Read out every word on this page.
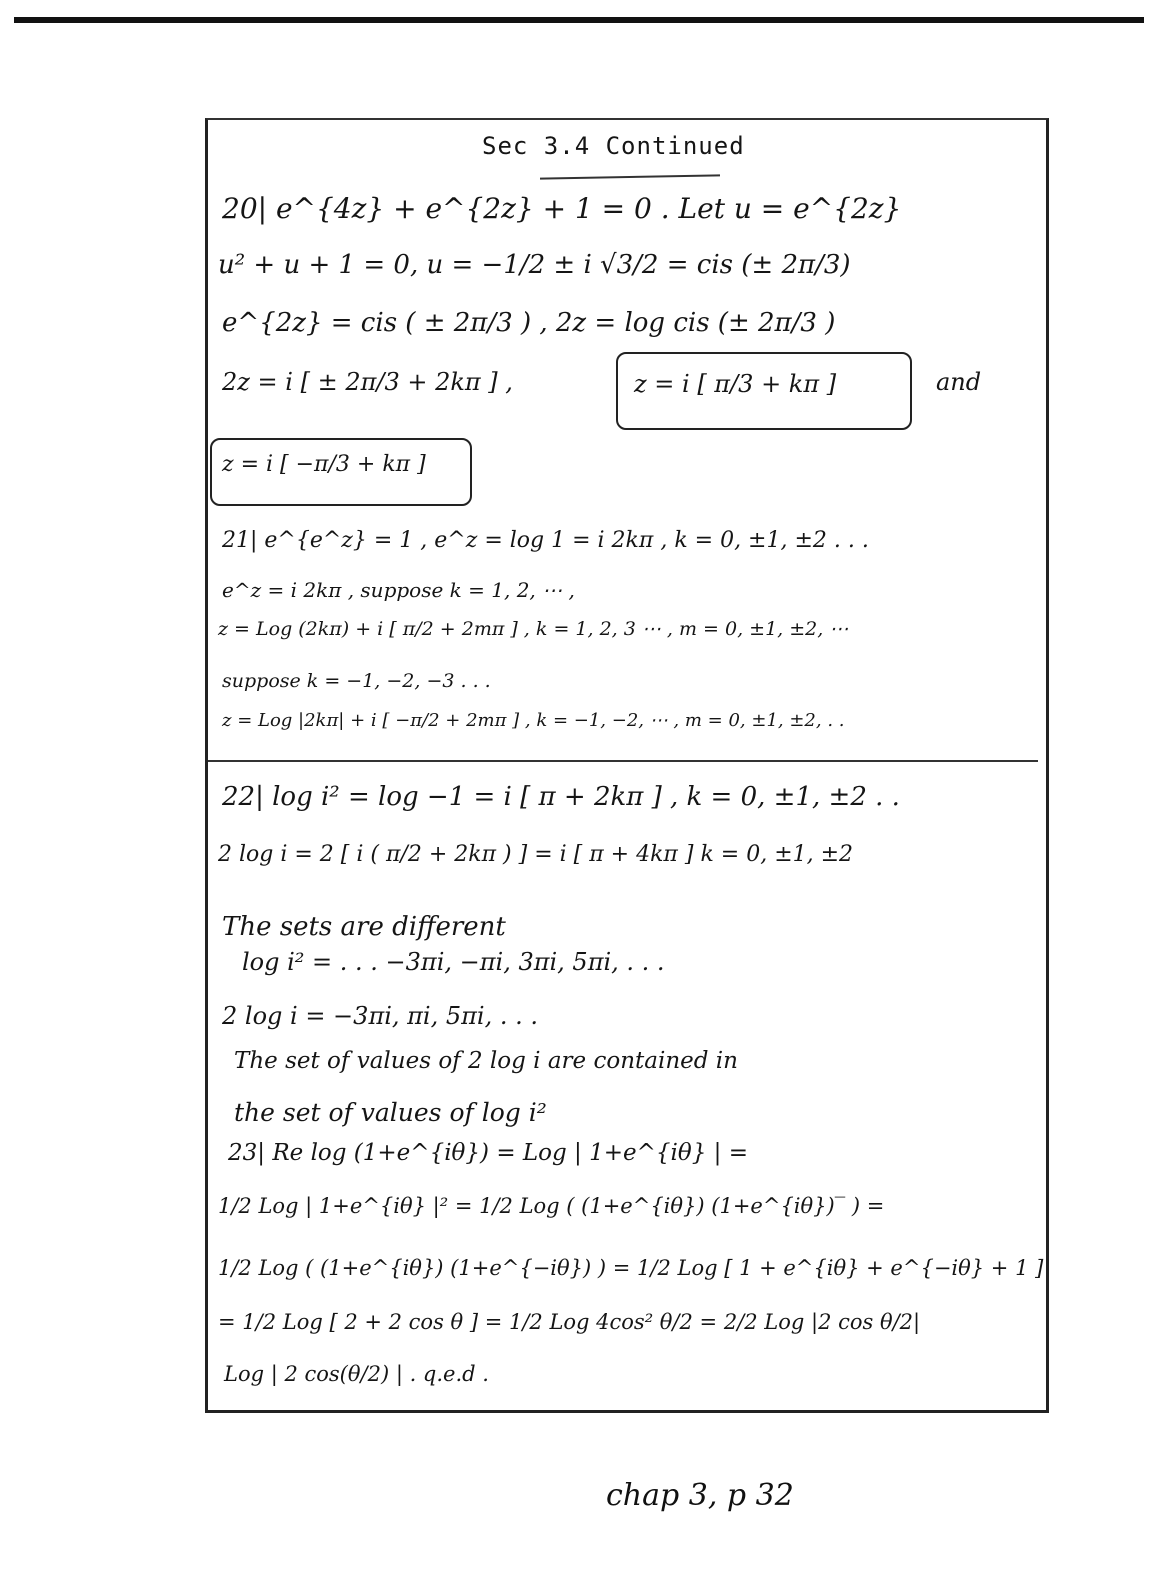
Sec 3.4 Continued
20| e^{4z} + e^{2z} + 1 = 0 . Let u = e^{2z}
u² + u + 1 = 0, u = −1/2 ± i √3/2 = cis (± 2π/3)
e^{2z} = cis ( ± 2π/3 ) , 2z = log cis (± 2π/3 )
2z = i [ ± 2π/3 + 2kπ ] ,	z = i [ π/3 + kπ ]	and
z = i [ −π/3 + kπ ]
21| e^{e^z} = 1 , e^z = log 1 = i 2kπ , k = 0, ±1, ±2 . . .
e^z = i 2kπ , suppose k = 1, 2, ⋯ ,
z = Log (2kπ) + i [ π/2 + 2mπ ] , k = 1, 2, 3 ⋯ , m = 0, ±1, ±2, ⋯
suppose k = −1, −2, −3 . . .
z = Log |2kπ| + i [ −π/2 + 2mπ ] , k = −1, −2, ⋯ , m = 0, ±1, ±2, . .
22| log i² = log −1 = i [ π + 2kπ ] , k = 0, ±1, ±2 . .
2 log i = 2 [ i ( π/2 + 2kπ ) ] = i [ π + 4kπ ] k = 0, ±1, ±2
The sets are different
log i² = . . . −3πi, −πi, 3πi, 5πi, . . .
2 log i = −3πi, πi, 5πi, . . .
The set of values of 2 log i are contained in
the set of values of log i²
23| Re log (1+e^{iθ}) = Log | 1+e^{iθ} | =
1/2 Log | 1+e^{iθ} |² = 1/2 Log ( (1+e^{iθ}) (1+e^{iθ})‾ ) =
1/2 Log ( (1+e^{iθ}) (1+e^{−iθ}) ) = 1/2 Log [ 1 + e^{iθ} + e^{−iθ} + 1 ]
= 1/2 Log [ 2 + 2 cos θ ] = 1/2 Log 4cos² θ/2 = 2/2 Log |2 cos θ/2|
Log | 2 cos(θ/2) | . q.e.d .
chap 3, p 32
